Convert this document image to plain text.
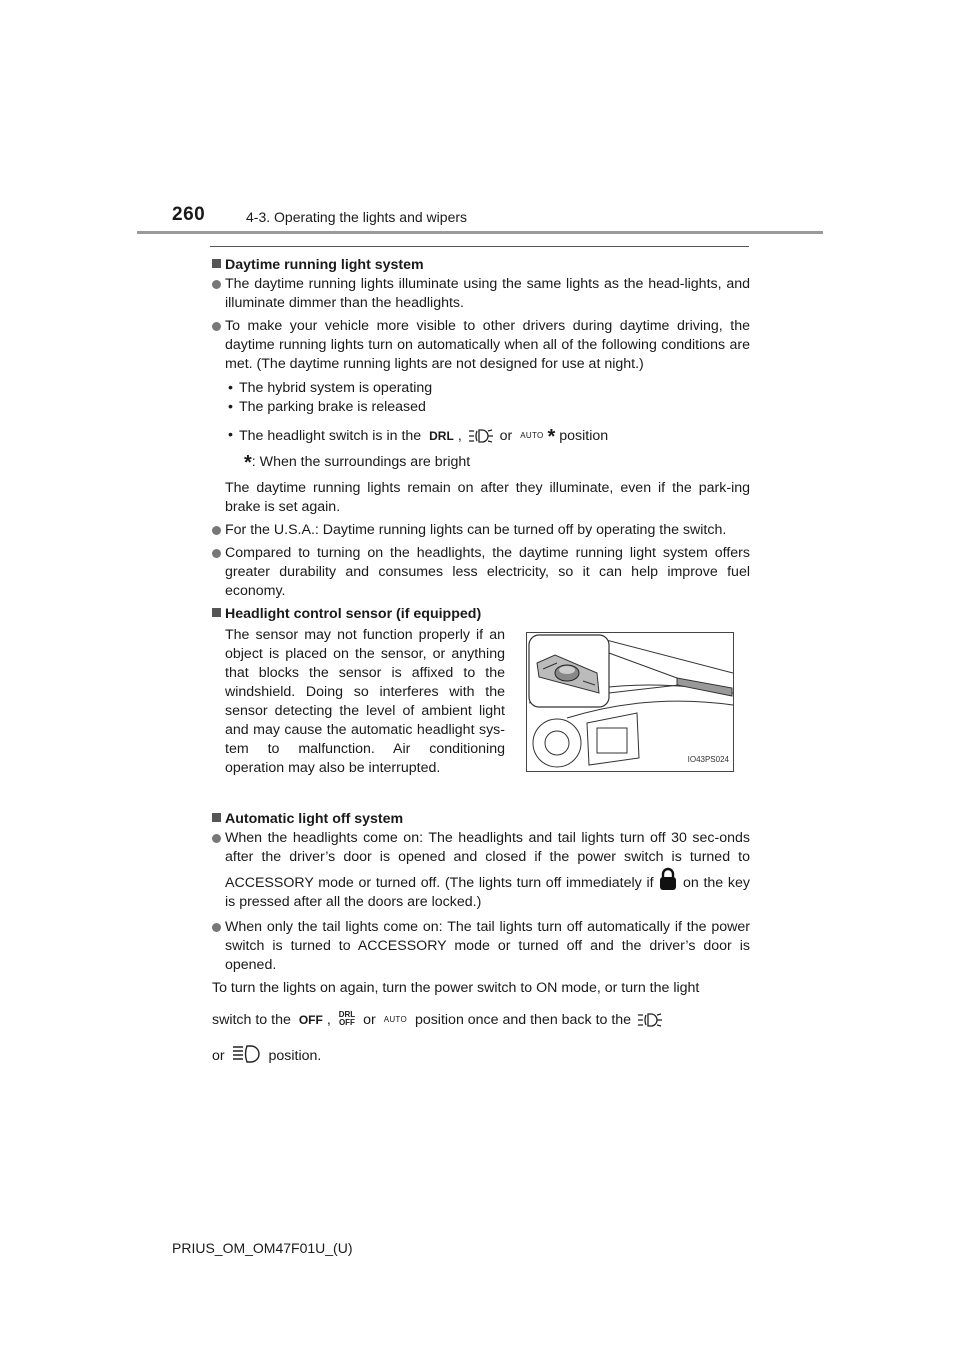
260	4-3. Operating the lights and wipers

Daytime running light system

The daytime running lights illuminate using the same lights as the head-lights, and illuminate dimmer than the headlights.

To make your vehicle more visible to other drivers during daytime driving, the daytime running lights turn on automatically when all of the following conditions are met. (The daytime running lights are not designed for use at night.)

• The hybrid system is operating

• The parking brake is released

• The headlight switch is in the DRL ,	or AUTO * position

*: When the surroundings are bright

The daytime running lights remain on after they illuminate, even if the park-ing brake is set again.

For the U.S.A.: Daytime running lights can be turned off by operating the switch.

Compared to turning on the headlights, the daytime running light system offers greater durability and consumes less electricity, so it can help improve fuel economy.

Headlight control sensor (if equipped)

The sensor may not function properly if an object is placed on the sensor, or anything that blocks the sensor is affixed to the windshield. Doing so interferes with the sensor detecting the level of ambient light and may cause the automatic headlight sys-tem to malfunction. Air conditioning operation may also be interrupted.

IO43PS024

Automatic light off system

When the headlights come on: The headlights and tail lights turn off 30 sec-onds after the driver’s door is opened and closed if the power switch is turned to ACCESSORY mode or turned off. (The lights turn off immediately if on the key is pressed after all the doors are locked.)

When only the tail lights come on: The tail lights turn off automatically if the power switch is turned to ACCESSORY mode or turned off and the driver’s door is opened.

To turn the lights on again, turn the power switch to ON mode, or turn the light

switch to the OFF , DRL
OFF or AUTO position once and then back to the

or	position.

PRIUS_OM_OM47F01U_(U)
